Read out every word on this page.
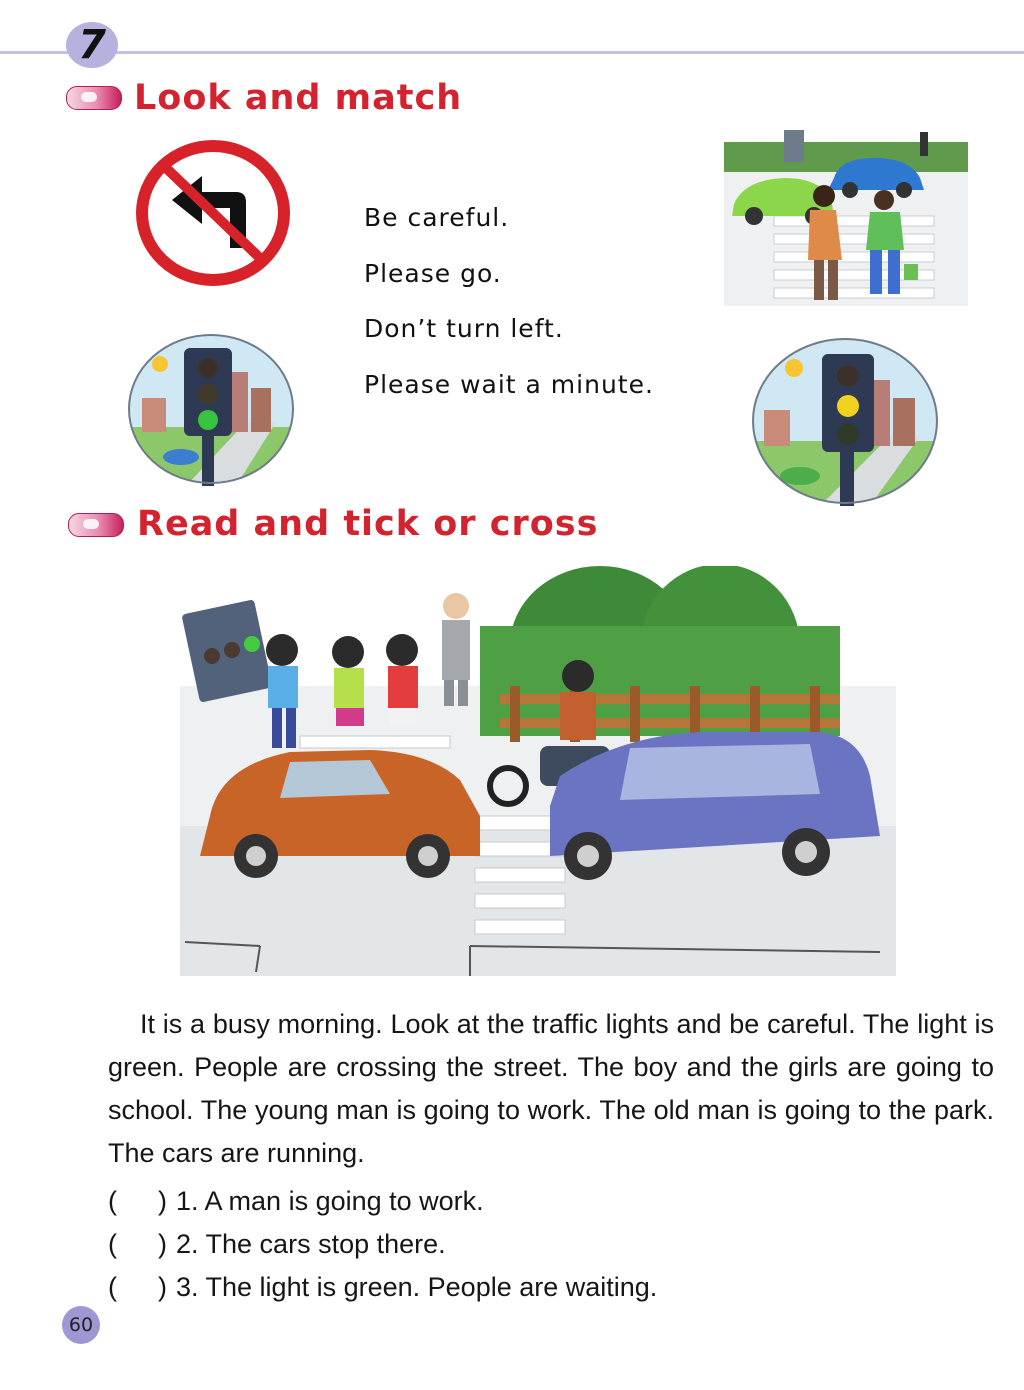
7
Look and match
Be careful.
Please go.
Don’t turn left.
Please wait a minute.
Read and tick or cross

It is a busy morning. Look at the traffic lights and be careful. The light is green. People are crossing the street. The boy and the girls are going to school. The young man is going to work. The old man is going to the park. The cars are running.

( ) 1. A man is going to work.
( ) 2. The cars stop there.
( ) 3. The light is green. People are waiting.
60
